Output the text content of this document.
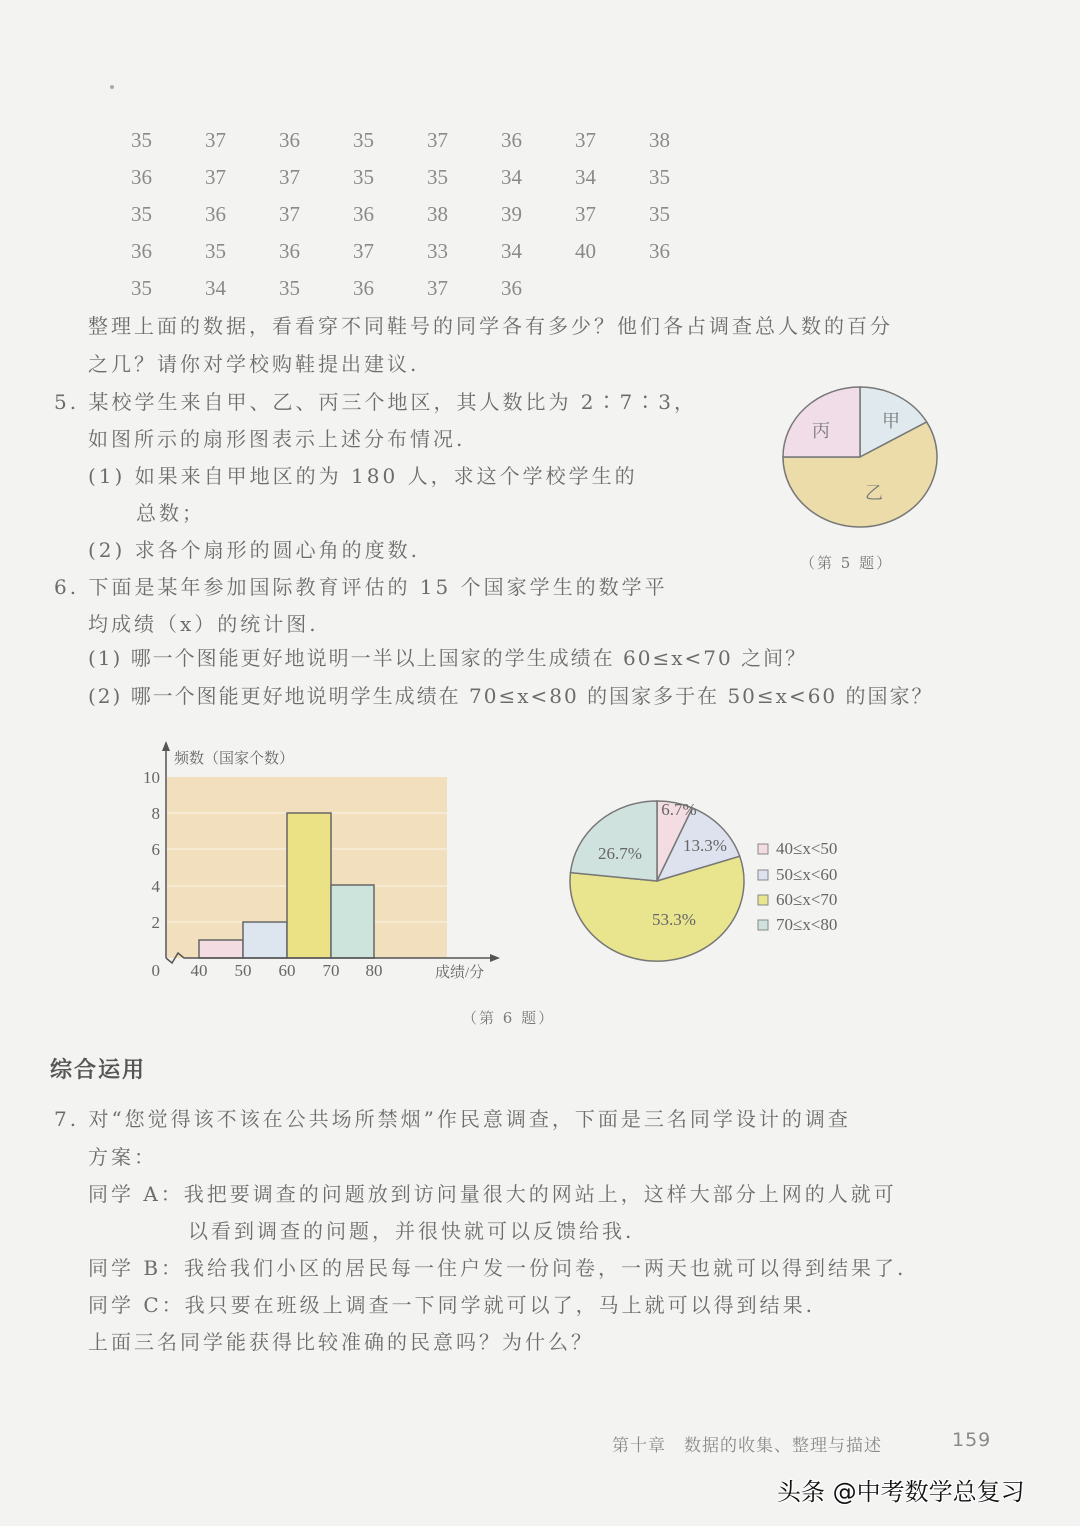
35	37	36	35	37	36	37	38
36	37	37	35	35	34	34	35
35	36	37	36	38	39	37	35
36	35	36	37	33	34	40	36
35	34	35	36	37	36
整理上面的数据，看看穿不同鞋号的同学各有多少？他们各占调查总人数的百分
之几？请你对学校购鞋提出建议.
5. 某校学生来自甲、乙、丙三个地区，其人数比为 2∶7∶3，
如图所示的扇形图表示上述分布情况.
(1) 如果来自甲地区的为 180 人，求这个学校学生的
总数；
(2) 求各个扇形的圆心角的度数.
甲
丙
乙
（第 5 题）
6. 下面是某年参加国际教育评估的 15 个国家学生的数学平
均成绩（x）的统计图.
(1) 哪一个图能更好地说明一半以上国家的学生成绩在 60≤x<70 之间？
(2) 哪一个图能更好地说明学生成绩在 70≤x<80 的国家多于在 50≤x<60 的国家？
10
8
6
4
2
0 40 50 60 70 80
频数（国家个数）
成绩/分
6.7%
13.3%
53.3%
26.7%	40≤x<50
50≤x<60
60≤x<70
70≤x<80
（第 6 题）
综合运用
7. 对“您觉得该不该在公共场所禁烟”作民意调查，下面是三名同学设计的调查
方案：
同学 A：我把要调查的问题放到访问量很大的网站上，这样大部分上网的人就可
以看到调查的问题，并很快就可以反馈给我.
同学 B：我给我们小区的居民每一住户发一份问卷，一两天也就可以得到结果了.
同学 C：我只要在班级上调查一下同学就可以了，马上就可以得到结果.
上面三名同学能获得比较准确的民意吗？为什么？
第十章　数据的收集、整理与描述	159
头条 @中考数学总复习
